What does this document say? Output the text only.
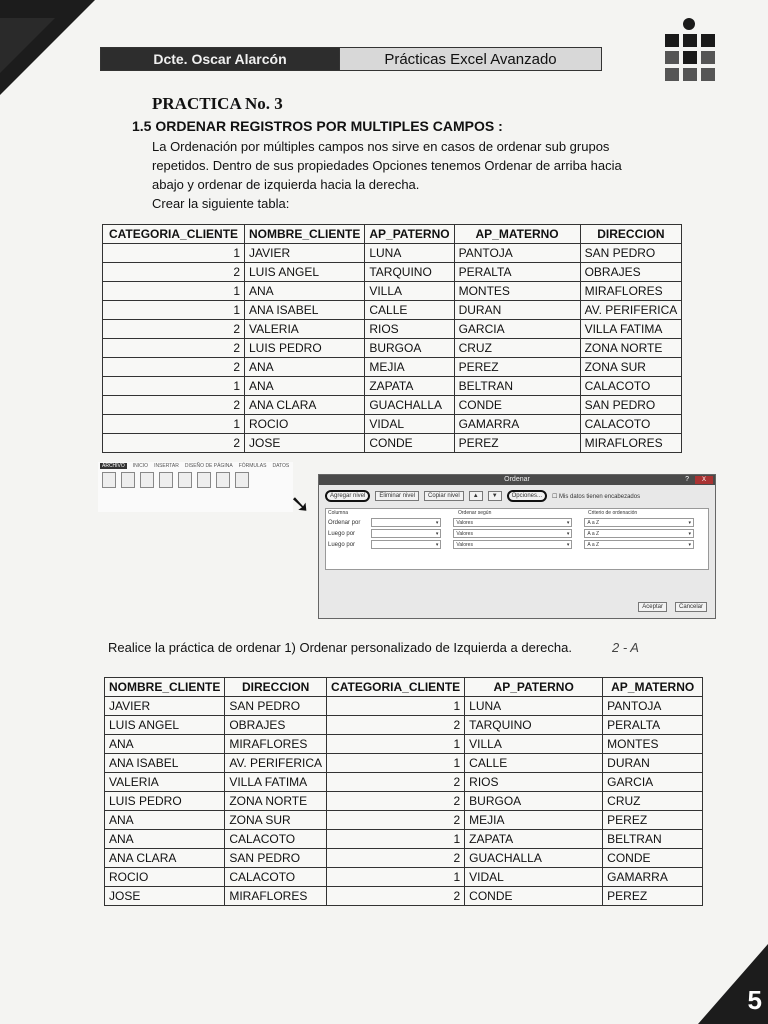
Dcte. Oscar Alarcón	Prácticas Excel Avanzado
PRACTICA No. 3
1.5 ORDENAR REGISTROS POR MULTIPLES CAMPOS :

La Ordenación por múltiples campos nos sirve en casos de ordenar sub grupos

repetidos. Dentro de sus propiedades Opciones tenemos Ordenar de arriba hacia

abajo y ordenar de izquierda hacia la derecha.

Crear la siguiente tabla:

CATEGORIA_CLIENTE	NOMBRE_CLIENTE	AP_PATERNO	AP_MATERNO	DIRECCION
1	JAVIER	LUNA	PANTOJA	SAN PEDRO
2	LUIS ANGEL	TARQUINO	PERALTA	OBRAJES
1	ANA	VILLA	MONTES	MIRAFLORES
1	ANA ISABEL	CALLE	DURAN	AV. PERIFERICA
2	VALERIA	RIOS	GARCIA	VILLA FATIMA
2	LUIS PEDRO	BURGOA	CRUZ	ZONA NORTE
2	ANA	MEJIA	PEREZ	ZONA SUR
1	ANA	ZAPATA	BELTRAN	CALACOTO
2	ANA CLARA	GUACHALLA	CONDE	SAN PEDRO
1	ROCIO	VIDAL	GAMARRA	CALACOTO
2	JOSE	CONDE	PEREZ	MIRAFLORES
ARCHIVO	INICIO INSERTAR DISEÑO DE PÁGINA FÓRMULAS DATOS
➘
Ordenar	?	X
Agregar nivel	Eliminar nivel	Copiar nivel	▲	▼	Opciones...	☐ Mis datos tienen encabezados
Columna	Ordenar según	Criterio de ordenación
Ordenar por	▾	Valores	▾	A a Z	▾
Luego por	▾	Valores	▾	A a Z	▾
Luego por	▾	Valores	▾	A a Z	▾
Aceptar	Cancelar
Realice la práctica de ordenar 1) Ordenar personalizado de Izquierda a derecha.	2 - A
NOMBRE_CLIENTE	DIRECCION	CATEGORIA_CLIENTE	AP_PATERNO	AP_MATERNO
JAVIER	SAN PEDRO	1	LUNA	PANTOJA
LUIS ANGEL	OBRAJES	2	TARQUINO	PERALTA
ANA	MIRAFLORES	1	VILLA	MONTES
ANA ISABEL	AV. PERIFERICA	1	CALLE	DURAN
VALERIA	VILLA FATIMA	2	RIOS	GARCIA
LUIS PEDRO	ZONA NORTE	2	BURGOA	CRUZ
ANA	ZONA SUR	2	MEJIA	PEREZ
ANA	CALACOTO	1	ZAPATA	BELTRAN
ANA CLARA	SAN PEDRO	2	GUACHALLA	CONDE
ROCIO	CALACOTO	1	VIDAL	GAMARRA
JOSE	MIRAFLORES	2	CONDE	PEREZ
5
